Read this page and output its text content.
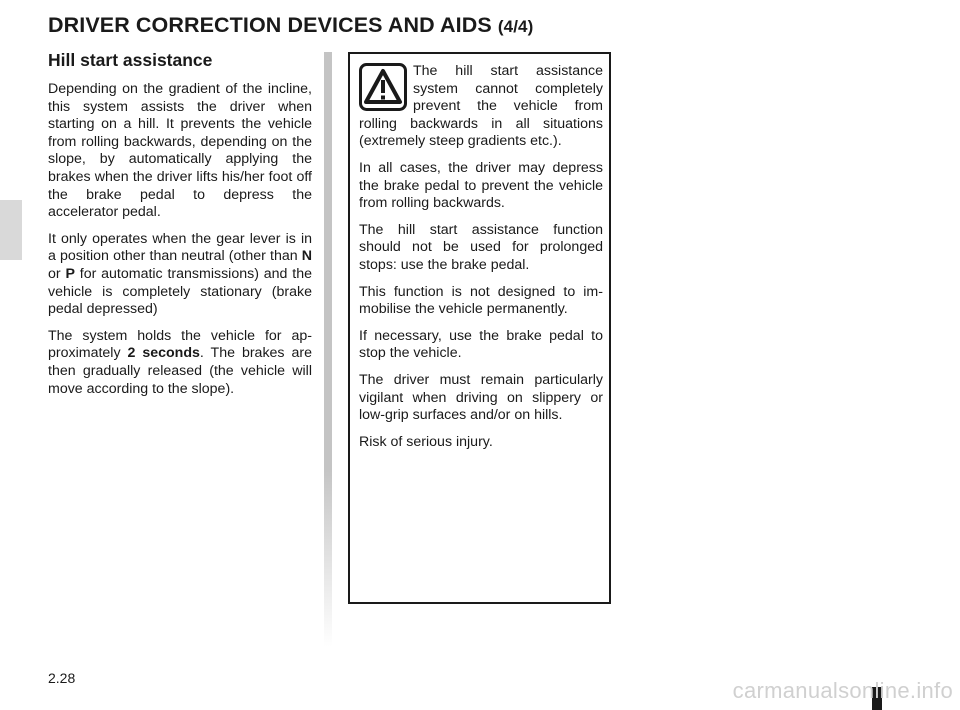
DRIVER CORRECTION DEVICES AND AIDS (4/4)
Hill start assistance

Depending on the gradient of the incline, this system assists the driver when starting on a hill. It prevents the vehicle from rolling backwards, depending on the slope, by automatically applying the brakes when the driver lifts his/her foot off the brake pedal to depress the accelerator pedal.

It only operates when the gear lever is in a position other than neutral (other than N or P for automatic transmissions) and the vehicle is completely stationary (brake pedal depressed)

The system holds the vehicle for approximately 2 seconds. The brakes are then gradually released (the vehicle will move according to the slope).

The hill start assistance system cannot completely prevent the vehicle from rolling backwards in all situations (extremely steep gradients etc.).

In all cases, the driver may depress the brake pedal to prevent the vehicle from rolling backwards.

The hill start assistance function should not be used for prolonged stops: use the brake pedal.

This function is not designed to immobilise the vehicle permanently.

If necessary, use the brake pedal to stop the vehicle.

The driver must remain particularly vigilant when driving on slippery or low-grip surfaces and/or on hills.

Risk of serious injury.

2.28	carmanualsonline.info
